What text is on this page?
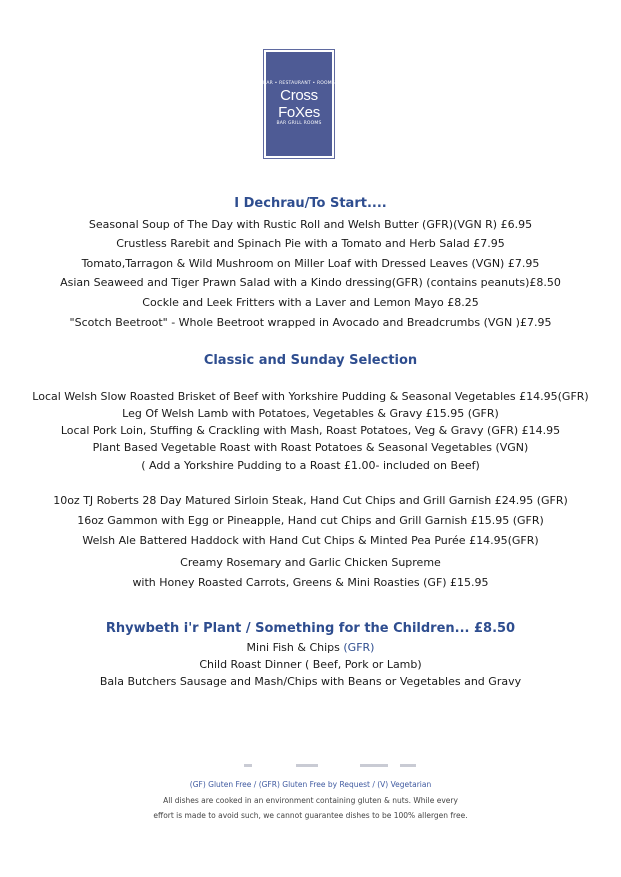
BAR • RESTAURANT • ROOMS
Cross
FoXes
BAR GRILL ROOMS
I Dechrau/To Start....
Seasonal Soup of The Day with Rustic Roll and Welsh Butter (GFR)(VGN R) £6.95
Crustless Rarebit and Spinach Pie with a Tomato and Herb Salad £7.95
Tomato,Tarragon & Wild Mushroom on Miller Loaf with Dressed Leaves (VGN) £7.95
Asian Seaweed and Tiger Prawn Salad with a Kindo dressing(GFR) (contains peanuts)£8.50
Cockle and Leek Fritters with a Laver and Lemon Mayo £8.25
"Scotch Beetroot" - Whole Beetroot wrapped in Avocado and Breadcrumbs (VGN )£7.95
Classic and Sunday Selection
Local Welsh Slow Roasted Brisket of Beef with Yorkshire Pudding & Seasonal Vegetables £14.95(GFR)
Leg Of Welsh Lamb with Potatoes, Vegetables & Gravy £15.95 (GFR)
Local Pork Loin, Stuffing & Crackling with Mash, Roast Potatoes, Veg & Gravy (GFR) £14.95
Plant Based Vegetable Roast with Roast Potatoes & Seasonal Vegetables (VGN)
( Add a Yorkshire Pudding to a Roast £1.00- included on Beef)
10oz TJ Roberts 28 Day Matured Sirloin Steak, Hand Cut Chips and Grill Garnish £24.95 (GFR)
16oz Gammon with Egg or Pineapple, Hand cut Chips and Grill Garnish £15.95 (GFR)
Welsh Ale Battered Haddock with Hand Cut Chips & Minted Pea Purée £14.95(GFR)
Creamy Rosemary and Garlic Chicken Supreme
with Honey Roasted Carrots, Greens & Mini Roasties (GF) £15.95
Rhywbeth i'r Plant / Something for the Children... £8.50
Mini Fish & Chips (GFR)
Child Roast Dinner ( Beef, Pork or Lamb)
Bala Butchers Sausage and Mash/Chips with Beans or Vegetables and Gravy
(GF) Gluten Free / (GFR) Gluten Free by Request / (V) Vegetarian
All dishes are cooked in an environment containing gluten & nuts. While every
effort is made to avoid such, we cannot guarantee dishes to be 100% allergen free.
